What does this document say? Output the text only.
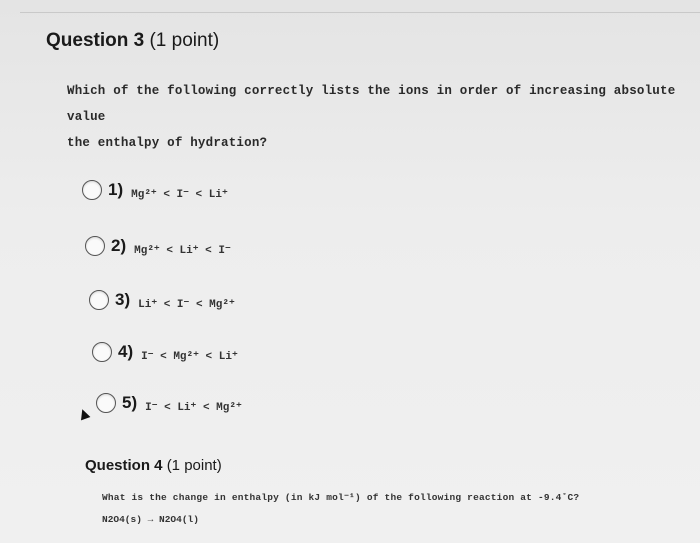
Question 3 (1 point)
Which of the following correctly lists the ions in order of increasing absolute value
the enthalpy of hydration?
1) Mg²⁺ < I⁻ < Li⁺
2) Mg²⁺ < Li⁺ < I⁻
3) Li⁺ < I⁻ < Mg²⁺
4) I⁻ < Mg²⁺ < Li⁺
5) I⁻ < Li⁺ < Mg²⁺
Question 4 (1 point)
What is the change in enthalpy (in kJ mol⁻¹) of the following reaction at -9.4˚C?
N2O4(s) → N2O4(l)
